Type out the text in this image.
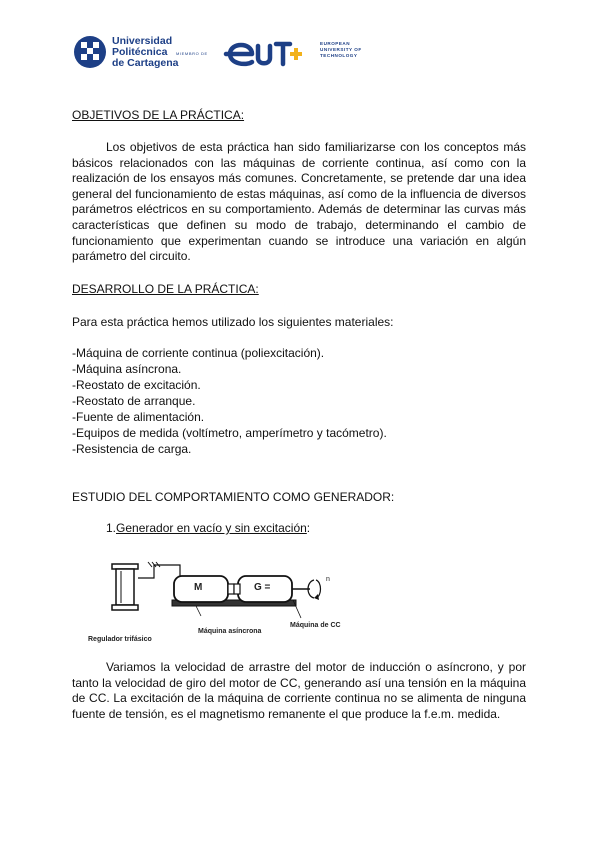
Universidad
Politécnica
de Cartagena
MIEMBRO DE
EUROPEAN
UNIVERSITY OF
TECHNOLOGY
OBJETIVOS DE LA PRÁCTICA:

Los objetivos de esta práctica han sido familiarizarse con los conceptos más básicos relacionados con las máquinas de corriente continua, así como con la realización de los ensayos más comunes. Concretamente, se pretende dar una idea general del funcionamiento de estas máquinas, así como de la influencia de diversos parámetros eléctricos en su comportamiento. Además de determinar las curvas más características que definen su modo de trabajo, determinando el cambio de funcionamiento que experimentan cuando se introduce una variación en algún parámetro del circuito.

DESARROLLO DE LA PRÁCTICA:
Para esta práctica hemos utilizado los siguientes materiales:
-Máquina de corriente continua (poliexcitación).
-Máquina asíncrona.
-Reostato de excitación.
-Reostato de arranque.
-Fuente de alimentación.
-Equipos de medida (voltímetro, amperímetro y tacómetro).
-Resistencia de carga.
ESTUDIO DEL COMPORTAMIENTO COMO GENERADOR:
1.Generador en vacío y sin excitación:
M	G =
n
Regulador trifásico
Máquina asíncrona
Máquina de CC

Variamos la velocidad de arrastre del motor de inducción o asíncrono, y por tanto la velocidad de giro del motor de CC, generando así una tensión en la máquina de CC. La excitación de la máquina de corriente continua no se alimenta de ninguna fuente de tensión, es el magnetismo remanente el que produce la f.e.m. medida.
